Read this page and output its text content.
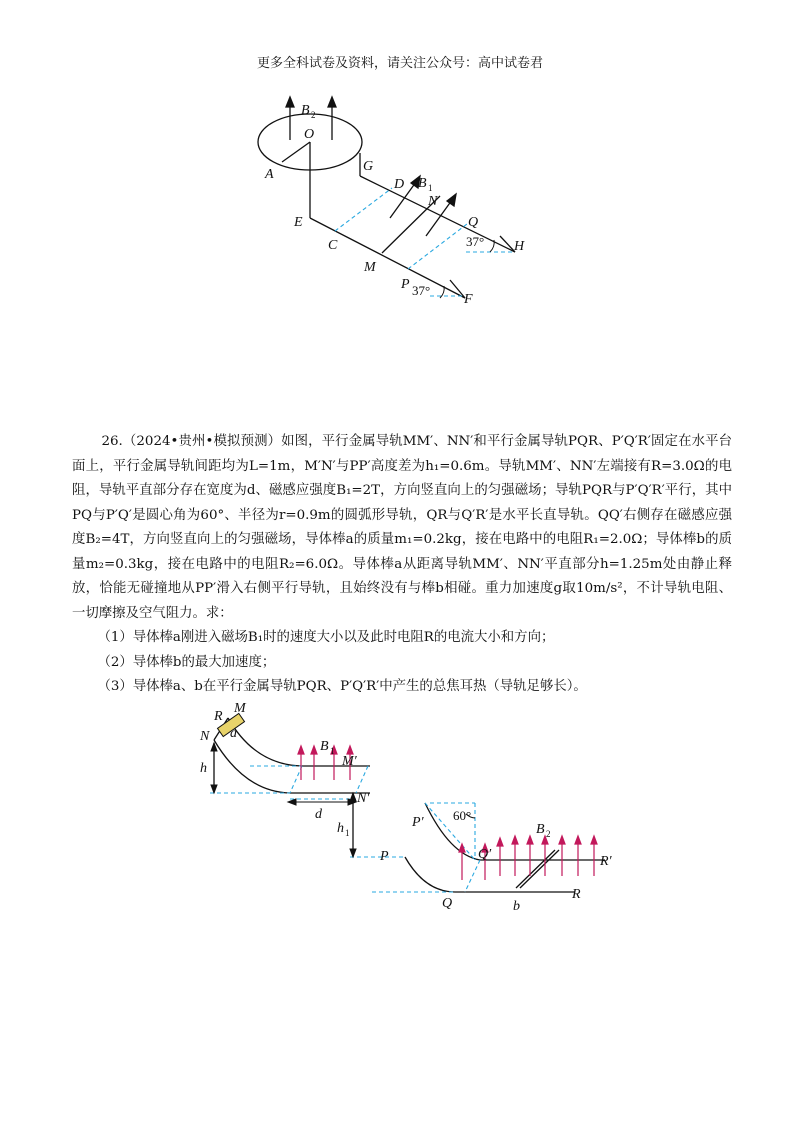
更多全科试卷及资料，请关注公众号：高中试卷君
B 2
O
A
G
D B 1
N
Q
E
C
M
H
P
F
37°
37°

26.（2024•贵州•模拟预测）如图，平行金属导轨MM′、NN′和平行金属导轨PQR、P′Q′R′固定在水平台面上，平行金属导轨间距均为L=1m，M′N′与PP′高度差为h₁=0.6m。导轨MM′、NN′左端接有R=3.0Ω的电阻，导轨平直部分存在宽度为d、磁感应强度B₁=2T，方向竖直向上的匀强磁场；导轨PQR与P′Q′R′平行，其中PQ与P′Q′是圆心角为60°、半径为r=0.9m的圆弧形导轨，QR与Q′R′是水平长直导轨。QQ′右侧存在磁感应强度B₂=4T，方向竖直向上的匀强磁场，导体棒a的质量m₁=0.2kg，接在电路中的电阻R₁=2.0Ω；导体棒b的质量m₂=0.3kg，接在电路中的电阻R₂=6.0Ω。导体棒a从距离导轨MM′、NN′平直部分h=1.25m处由静止释放，恰能无碰撞地从PP′滑入右侧平行导轨，且始终没有与棒b相碰。重力加速度g取10m/s²，不计导轨电阻、一切摩擦及空气阻力。求：

（1）导体棒a刚进入磁场B₁时的速度大小以及此时电阻R的电流大小和方向；

（2）导体棒b的最大加速度；

（3）导体棒a、b在平行金属导轨PQR、P′Q′R′中产生的总焦耳热（导轨足够长）。

R
M
N a
B 1
M′
h
N′
d
h 1
P′ 60°
B 2
Q′	R′
P
Q	b
R
